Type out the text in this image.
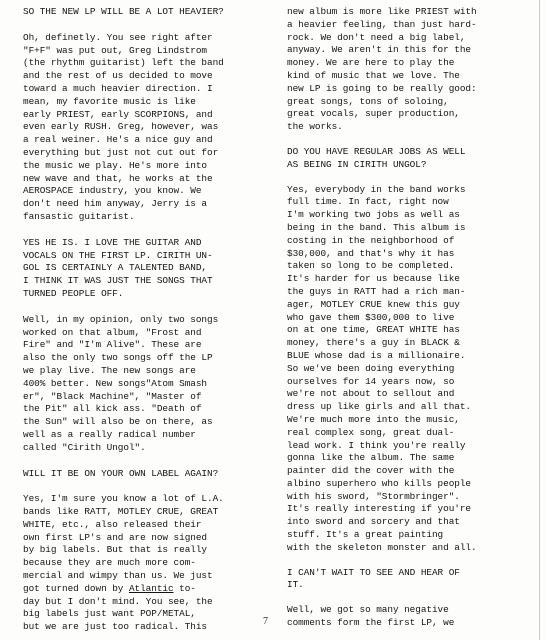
SO THE NEW LP WILL BE A LOT HEAVIER?
Oh, definetly. You see right after
"F+F" was put out, Greg Lindstrom
(the rhythm guitarist) left the band
and the rest of us decided to move
toward a much heavier direction. I
mean, my favorite music is like
early PRIEST, early SCORPIONS, and
even early RUSH. Greg, however, was
a real weiner. He's a nice guy and
everything but just not cut out for
the music we play. He's more into
new wave and that, he works at the
AEROSPACE industry, you know. We
don't need him anyway, Jerry is a
fansastic guitarist.
YES HE IS. I LOVE THE GUITAR AND
VOCALS ON THE FIRST LP. CIRITH UN-
GOL IS CERTAINLY A TALENTED BAND,
I THINK IT WAS JUST THE SONGS THAT
TURNED PEOPLE OFF.
Well, in my opinion, only two songs
worked on that album, "Frost and
Fire" and "I'm Alive". These are
also the only two songs off the LP
we play live. The new songs are
400% better. New songs"Atom Smash
er", "Black Machine", "Master of
the Pit" all kick ass. "Death of
the Sun" will also be on there, as
well as a really radical number
called "Cirith Ungol".
WILL IT BE ON YOUR OWN LABEL AGAIN?
Yes, I'm sure you know a lot of L.A.
bands like RATT, MOTLEY CRUE, GREAT
WHITE, etc., also released their
own first LP's and are now signed
by big labels. But that is really
because they are much more com-
mercial and wimpy than us. We just
got turned down by Atlantic to-
day but I don't mind. You see, the
big labels just want POP/METAL,
but we are just too radical. This
new album is more like PRIEST with
a heavier feeling, than just hard-
rock. We don't need a big label,
anyway. We aren't in this for the
money. We are here to play the
kind of music that we love. The
new LP is going to be really good:
great songs, tons of soloing,
great vocals, super production,
the works.
DO YOU HAVE REGULAR JOBS AS WELL
AS BEING IN CIRITH UNGOL?
Yes, everybody in the band works
full time. In fact, right now
I'm working two jobs as well as
being in the band. This album is
costing in the neighborhood of
$30,000, and that's why it has
taken so long to be completed.
It's harder for us because like
the guys in RATT had a rich man-
ager, MOTLEY CRUE knew this guy
who gave them $300,000 to live
on at one time, GREAT WHITE has
money, there's a guy in BLACK &
BLUE whose dad is a millionaire.
So we've been doing everything
ourselves for 14 years now, so
we're not about to sellout and
dress up like girls and all that.
We're much more into the music,
real complex song, great dual-
lead work. I think you're really
gonna like the album. The same
painter did the cover with the
albino superhero who kills people
with his sword, "Stormbringer".
It's really interesting if you're
into sword and sorcery and that
stuff. It's a great painting
with the skeleton monster and all.
I CAN'T WAIT TO SEE AND HEAR OF
IT.
Well, we got so many negative
comments form the first LP, we
7
